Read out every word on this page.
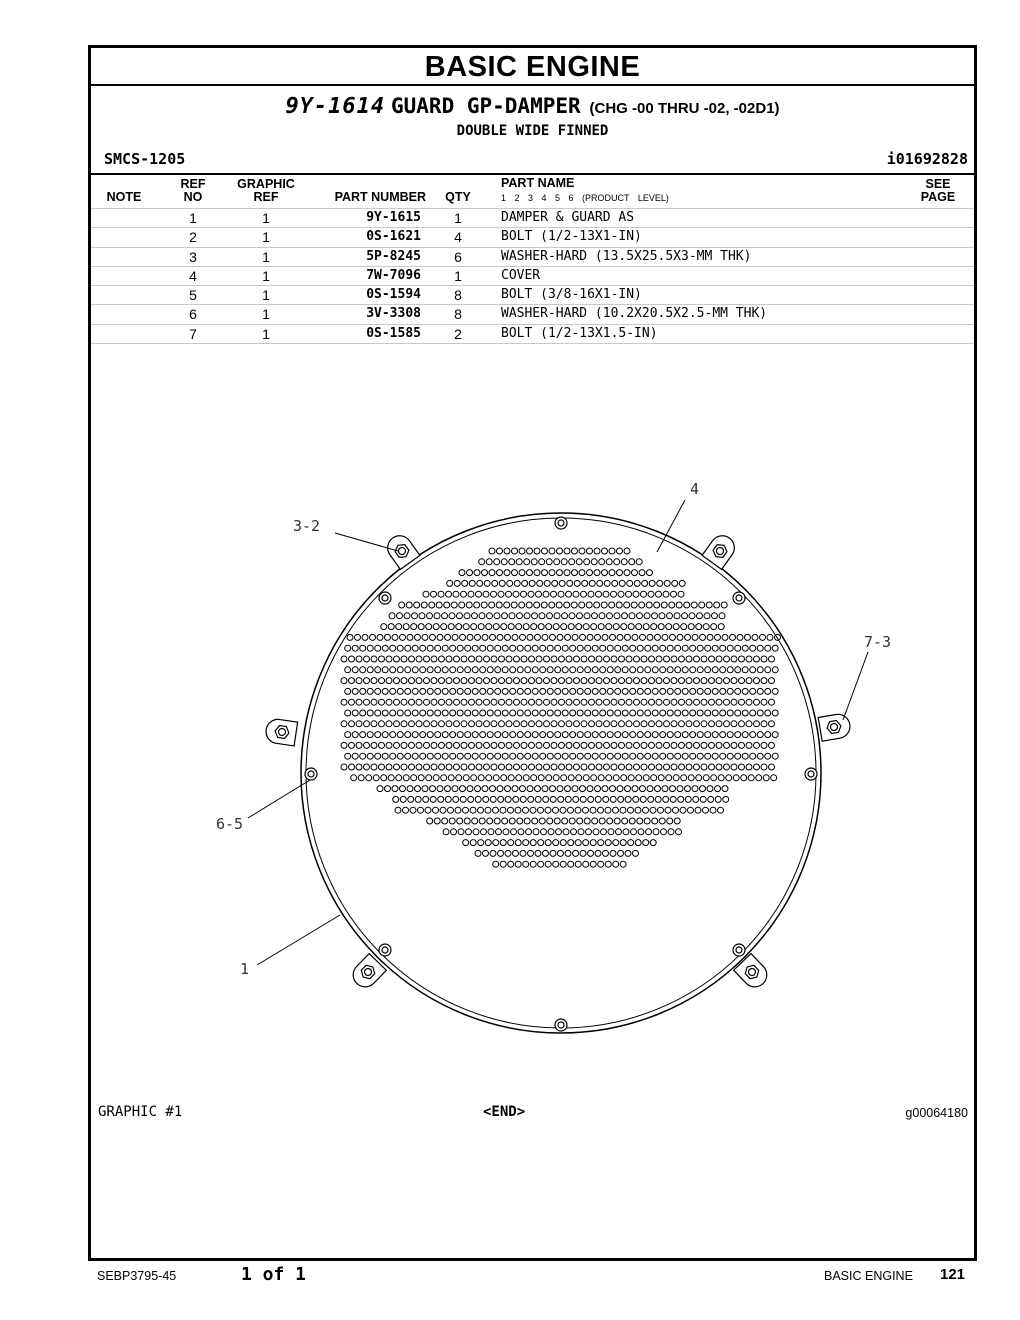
BASIC ENGINE
9Y-1614 GUARD GP-DAMPER (CHG -00 THRU -02, -02D1)
DOUBLE WIDE FINNED
SMCS-1205	i01692828
NOTE
REF
NO
GRAPHIC
REF	PART NUMBER QTY
PART NAME
1 2 3 4 5 6 (PRODUCT LEVEL)
SEE
PAGE
1	1	9Y-1615	1	DAMPER & GUARD AS
2	1	0S-1621	4	BOLT (1/2-13X1-IN)
3	1	5P-8245	6	WASHER-HARD (13.5X25.5X3-MM THK)
4	1	7W-7096	1	COVER
5	1	0S-1594	8	BOLT (3/8-16X1-IN)
6	1	3V-3308	8	WASHER-HARD (10.2X20.5X2.5-MM THK)
7	1	0S-1585	2	BOLT (1/2-13X1.5-IN)
GRAPHIC #1	<END>	g00064180
4
3-2
7-3
6-5
1
SEBP3795-45	1 of 1	BASIC ENGINE 121
